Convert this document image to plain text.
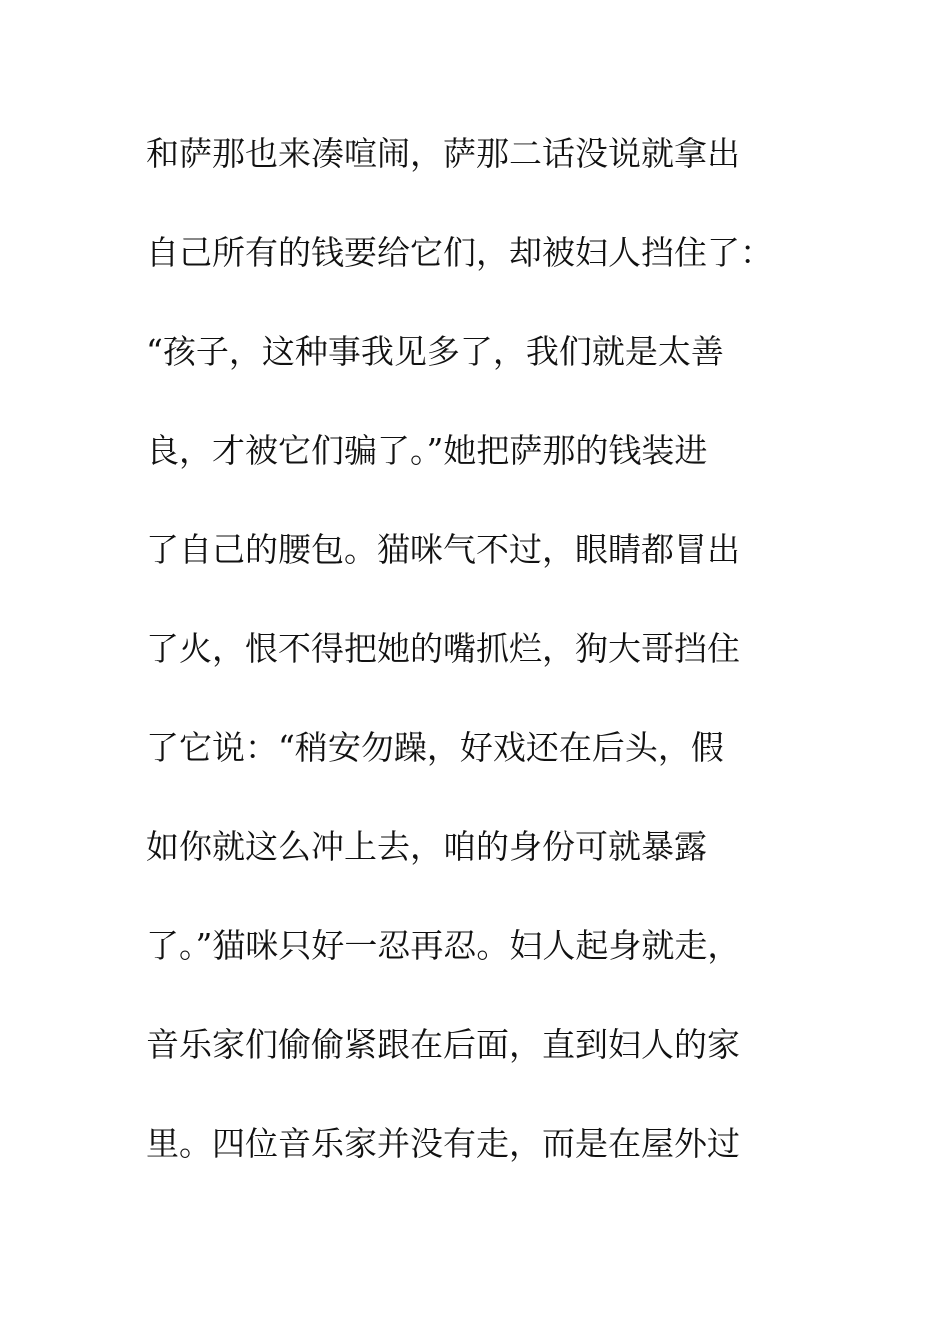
和萨那也来凑喧闹，萨那二话没说就拿出
自己所有的钱要给它们，却被妇人挡住了：
“孩子，这种事我见多了，我们就是太善
良，才被它们骗了。”她把萨那的钱装进
了自己的腰包。猫咪气不过，眼睛都冒出
了火，恨不得把她的嘴抓烂，狗大哥挡住
了它说：“稍安勿躁，好戏还在后头，假
如你就这么冲上去，咱的身份可就暴露
了。”猫咪只好一忍再忍。妇人起身就走，
音乐家们偷偷紧跟在后面，直到妇人的家
里。四位音乐家并没有走，而是在屋外过
